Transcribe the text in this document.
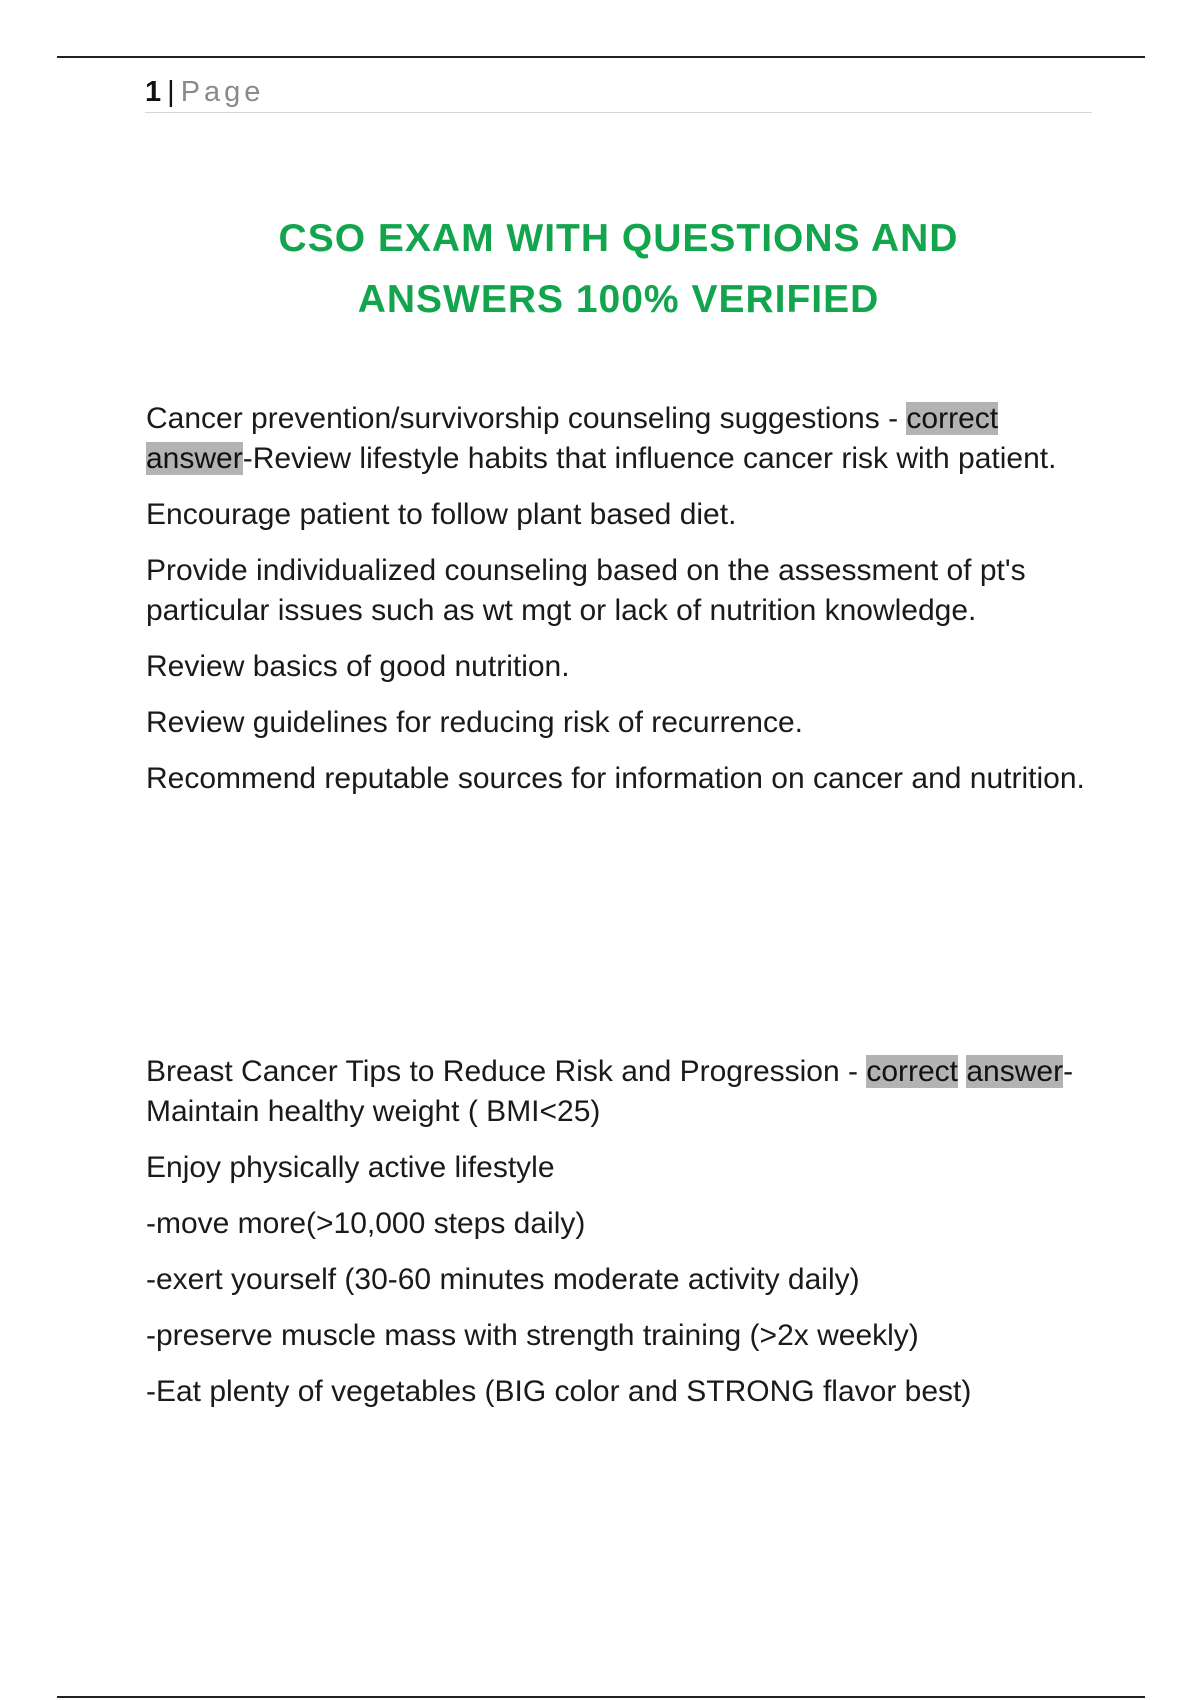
1 | Page
CSO EXAM WITH QUESTIONS AND
ANSWERS 100% VERIFIED

Cancer prevention/survivorship counseling suggestions - correct answer-Review lifestyle habits that influence cancer risk with patient.

Encourage patient to follow plant based diet.

Provide individualized counseling based on the assessment of pt's particular issues such as wt mgt or lack of nutrition knowledge.

Review basics of good nutrition.

Review guidelines for reducing risk of recurrence.

Recommend reputable sources for information on cancer and nutrition.

Breast Cancer Tips to Reduce Risk and Progression - correct answer-Maintain healthy weight ( BMI<25)

Enjoy physically active lifestyle

-move more(>10,000 steps daily)

-exert yourself (30-60 minutes moderate activity daily)

-preserve muscle mass with strength training (>2x weekly)

-Eat plenty of vegetables (BIG color and STRONG flavor best)
